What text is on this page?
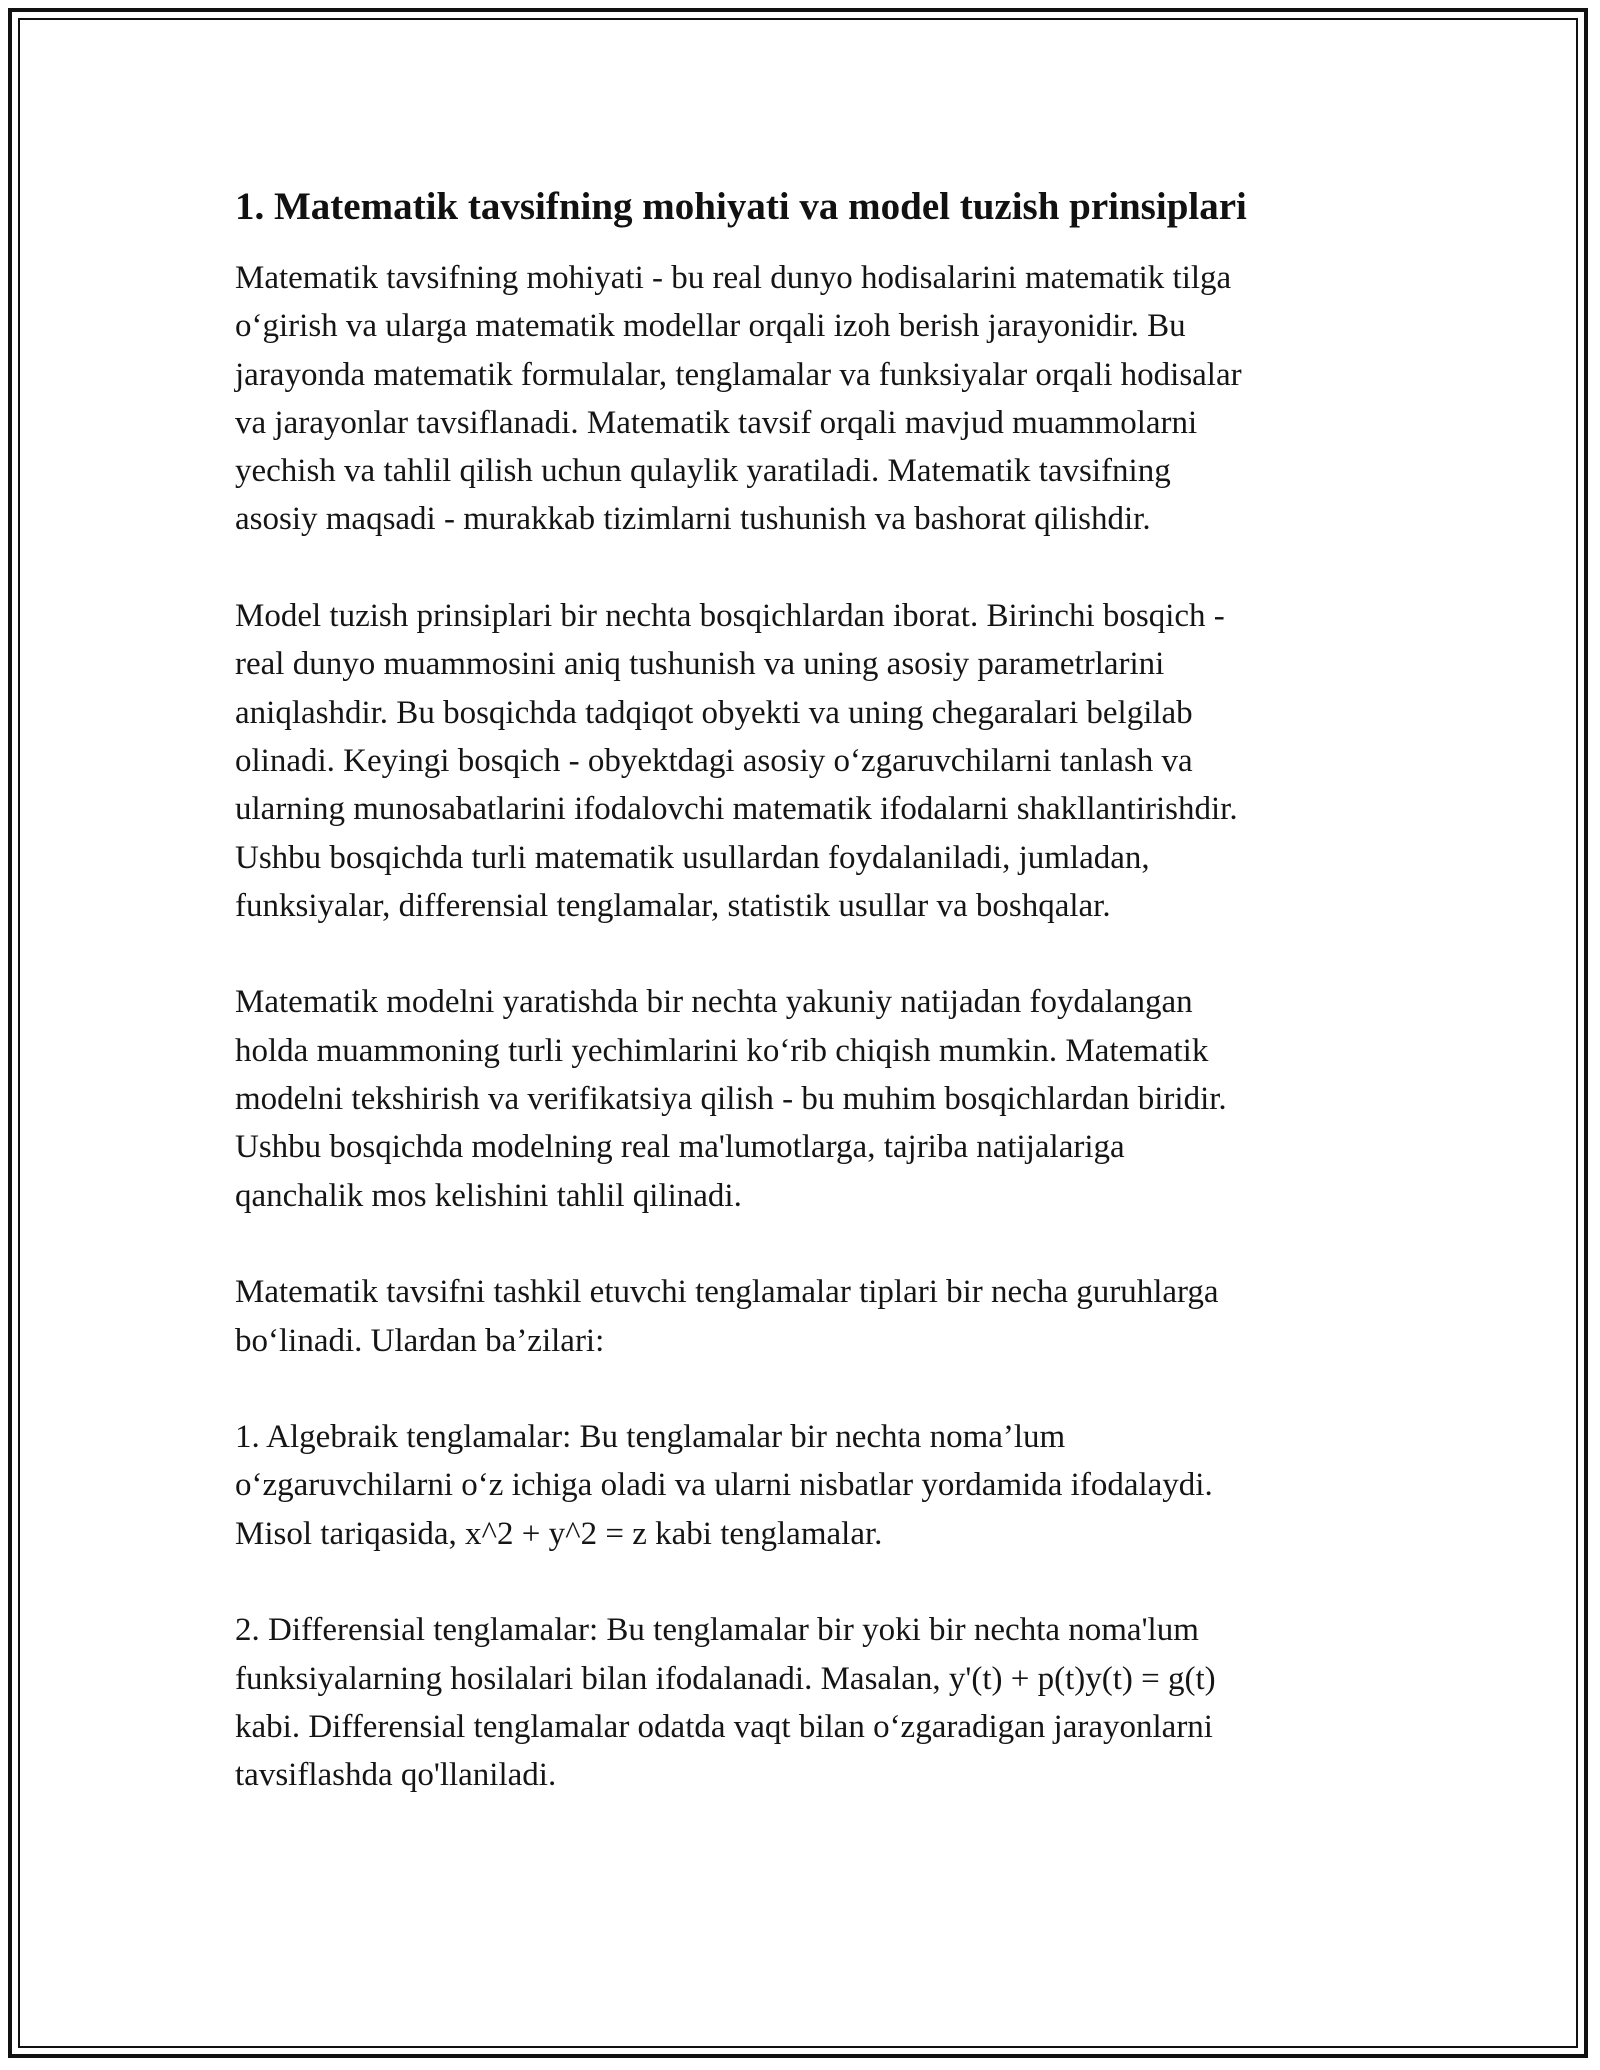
1. Matematik tavsifning mohiyati va model tuzish prinsiplari
Matematik tavsifning mohiyati - bu real dunyo hodisalarini matematik tilga
o‘girish va ularga matematik modellar orqali izoh berish jarayonidir. Bu
jarayonda matematik formulalar, tenglamalar va funksiyalar orqali hodisalar
va jarayonlar tavsiflanadi. Matematik tavsif orqali mavjud muammolarni
yechish va tahlil qilish uchun qulaylik yaratiladi. Matematik tavsifning
asosiy maqsadi - murakkab tizimlarni tushunish va bashorat qilishdir.
Model tuzish prinsiplari bir nechta bosqichlardan iborat. Birinchi bosqich -
real dunyo muammosini aniq tushunish va uning asosiy parametrlarini
aniqlashdir. Bu bosqichda tadqiqot obyekti va uning chegaralari belgilab
olinadi. Keyingi bosqich - obyektdagi asosiy o‘zgaruvchilarni tanlash va
ularning munosabatlarini ifodalovchi matematik ifodalarni shakllantirishdir.
Ushbu bosqichda turli matematik usullardan foydalaniladi, jumladan,
funksiyalar, differensial tenglamalar, statistik usullar va boshqalar.
Matematik modelni yaratishda bir nechta yakuniy natijadan foydalangan
holda muammoning turli yechimlarini ko‘rib chiqish mumkin. Matematik
modelni tekshirish va verifikatsiya qilish - bu muhim bosqichlardan biridir.
Ushbu bosqichda modelning real ma'lumotlarga, tajriba natijalariga
qanchalik mos kelishini tahlil qilinadi.
Matematik tavsifni tashkil etuvchi tenglamalar tiplari bir necha guruhlarga
bo‘linadi. Ulardan ba’zilari:
1. Algebraik tenglamalar: Bu tenglamalar bir nechta noma’lum
o‘zgaruvchilarni o‘z ichiga oladi va ularni nisbatlar yordamida ifodalaydi.
Misol tariqasida, x^2 + y^2 = z kabi tenglamalar.
2. Differensial tenglamalar: Bu tenglamalar bir yoki bir nechta noma'lum
funksiyalarning hosilalari bilan ifodalanadi. Masalan, y'(t) + p(t)y(t) = g(t)
kabi. Differensial tenglamalar odatda vaqt bilan o‘zgaradigan jarayonlarni
tavsiflashda qo'llaniladi.
